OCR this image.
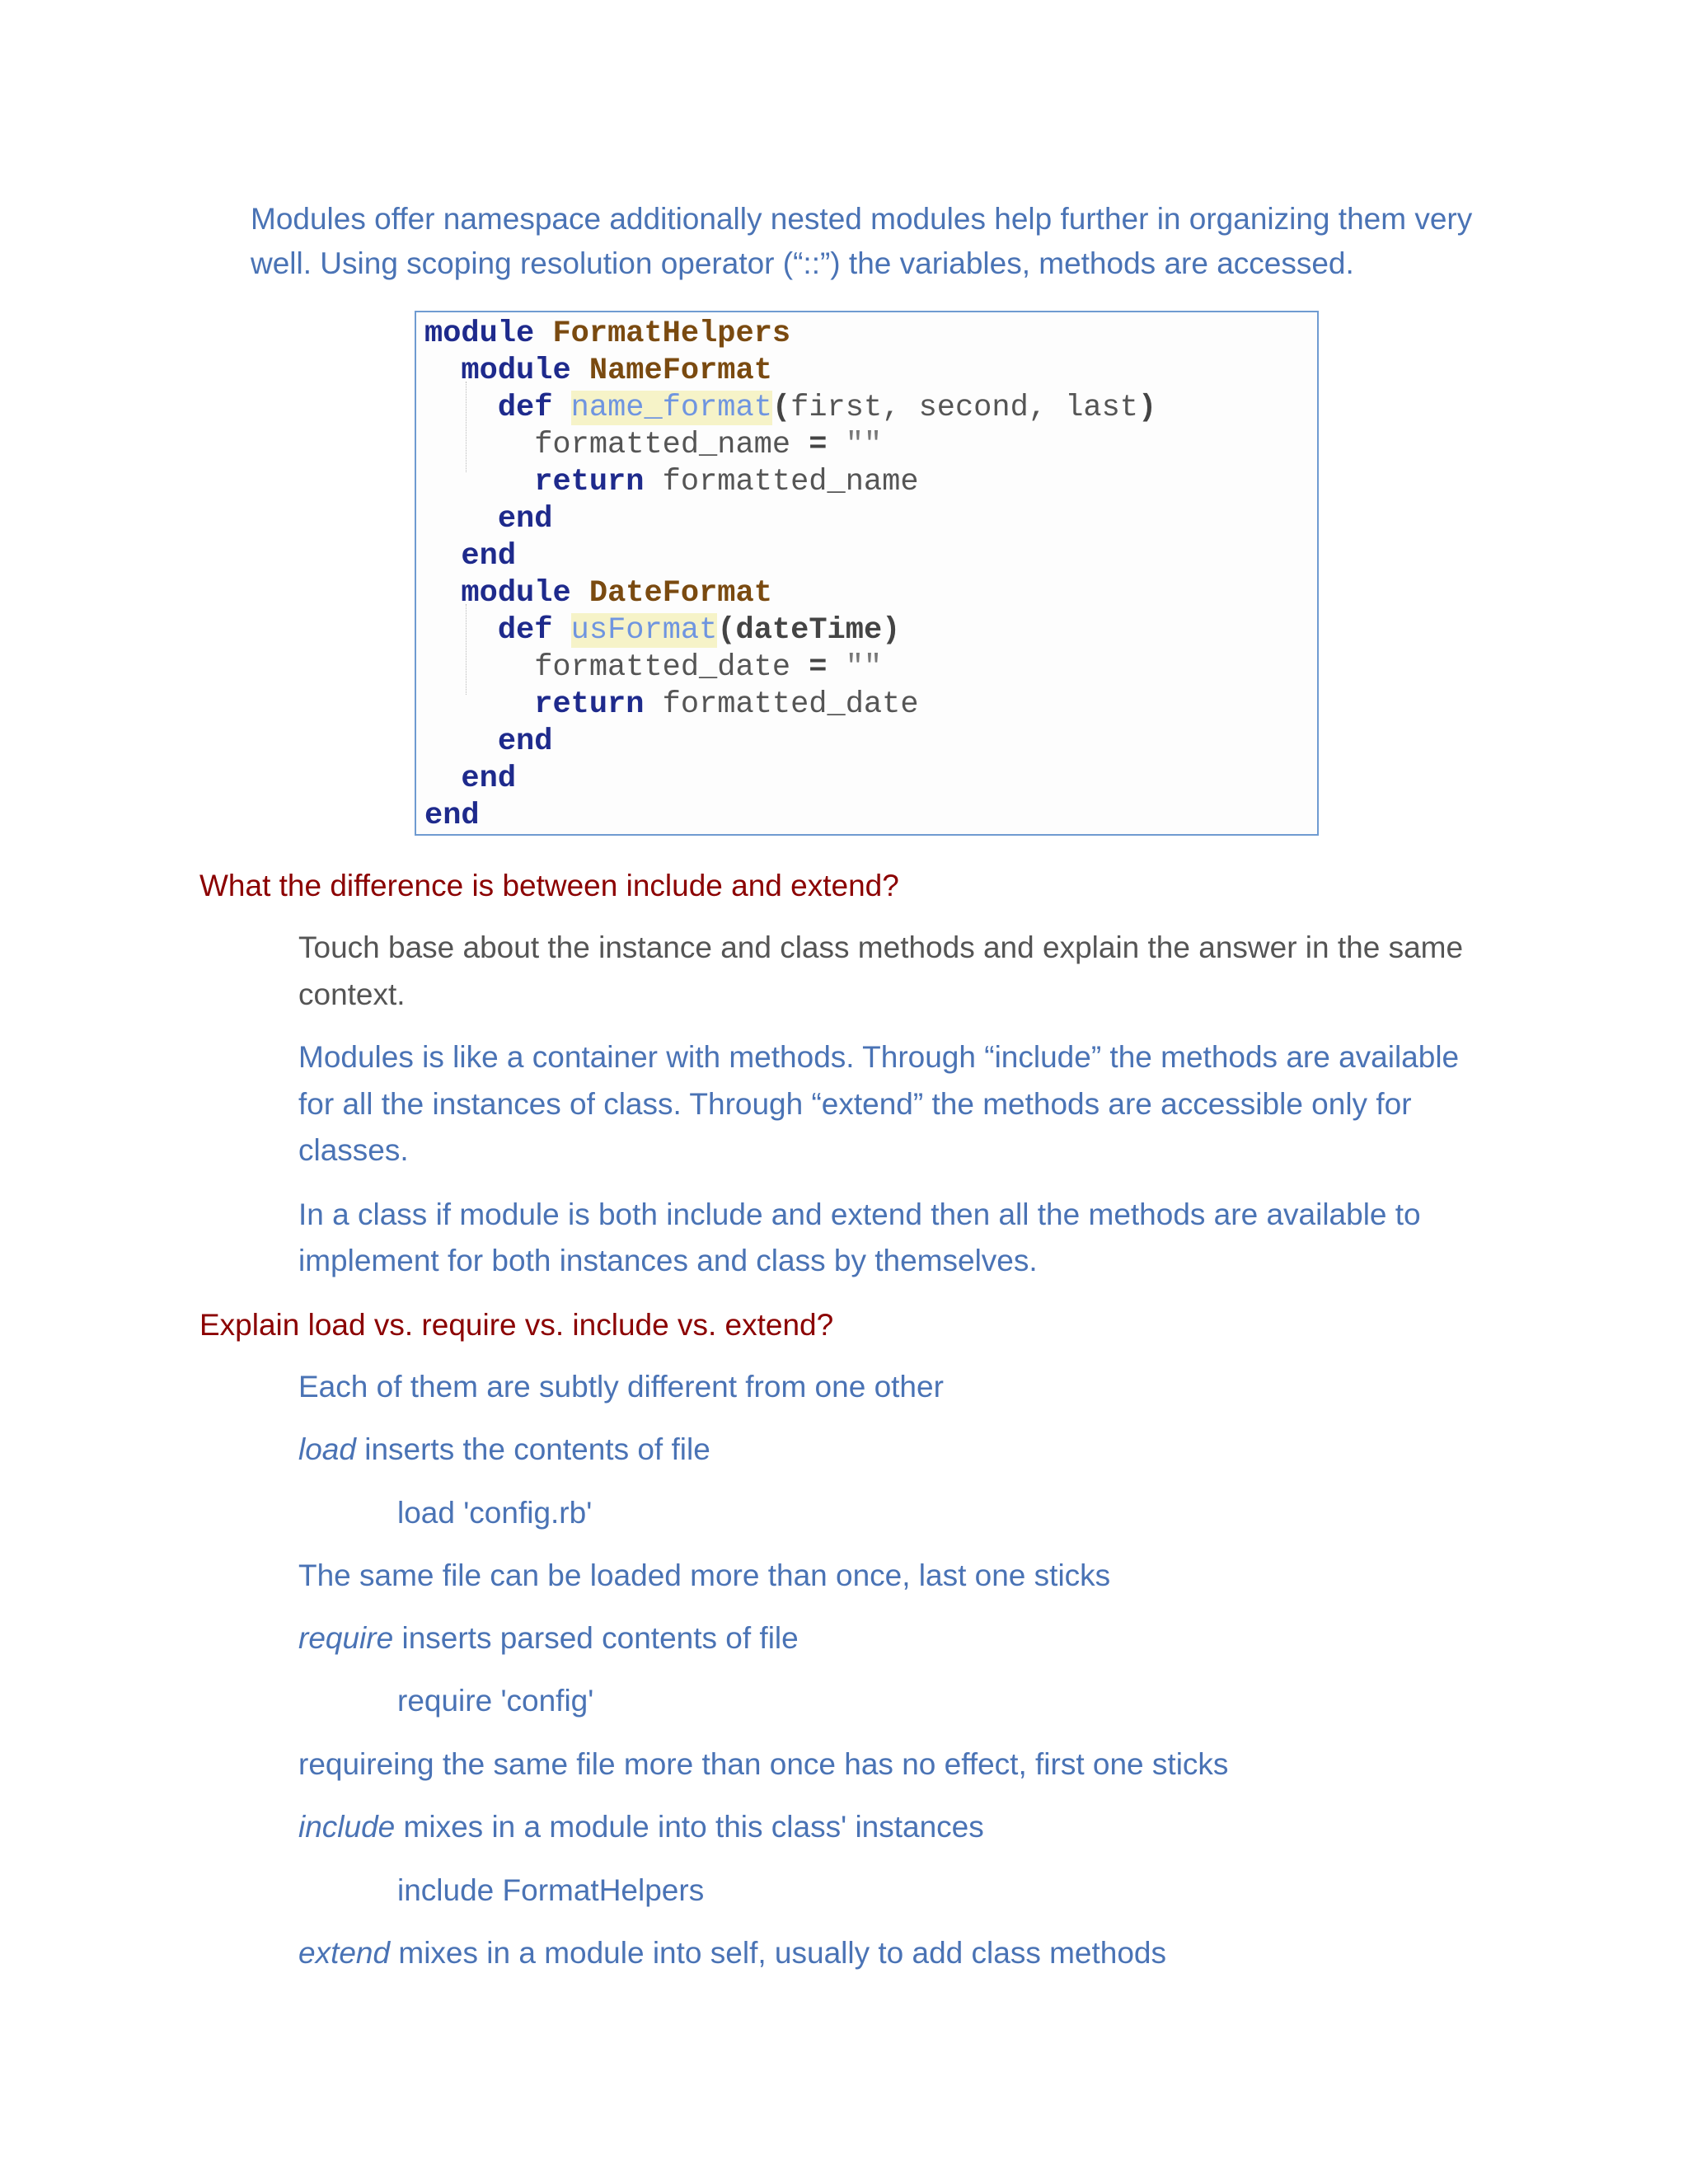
Modules offer namespace additionally nested modules help further in organizing them very

well. Using scoping resolution operator (“::”) the variables, methods are accessed.

module FormatHelpers
module NameFormat
def name_format(first, second, last)
formatted_name = ""
return formatted_name
end
end
module DateFormat
def usFormat(dateTime)
formatted_date = ""
return formatted_date
end
end
end

What the difference is between include and extend?

Touch base about the instance and class methods and explain the answer in the same

context.

Modules is like a container with methods. Through “include” the methods are available

for all the instances of class. Through “extend” the methods are accessible only for

classes.

In a class if module is both include and extend then all the methods are available to

implement for both instances and class by themselves.

Explain load vs. require vs. include vs. extend?

Each of them are subtly different from one other

load inserts the contents of file

load 'config.rb'

The same file can be loaded more than once, last one sticks

require inserts parsed contents of file

require 'config'

requireing the same file more than once has no effect, first one sticks

include mixes in a module into this class' instances

include FormatHelpers

extend mixes in a module into self, usually to add class methods
